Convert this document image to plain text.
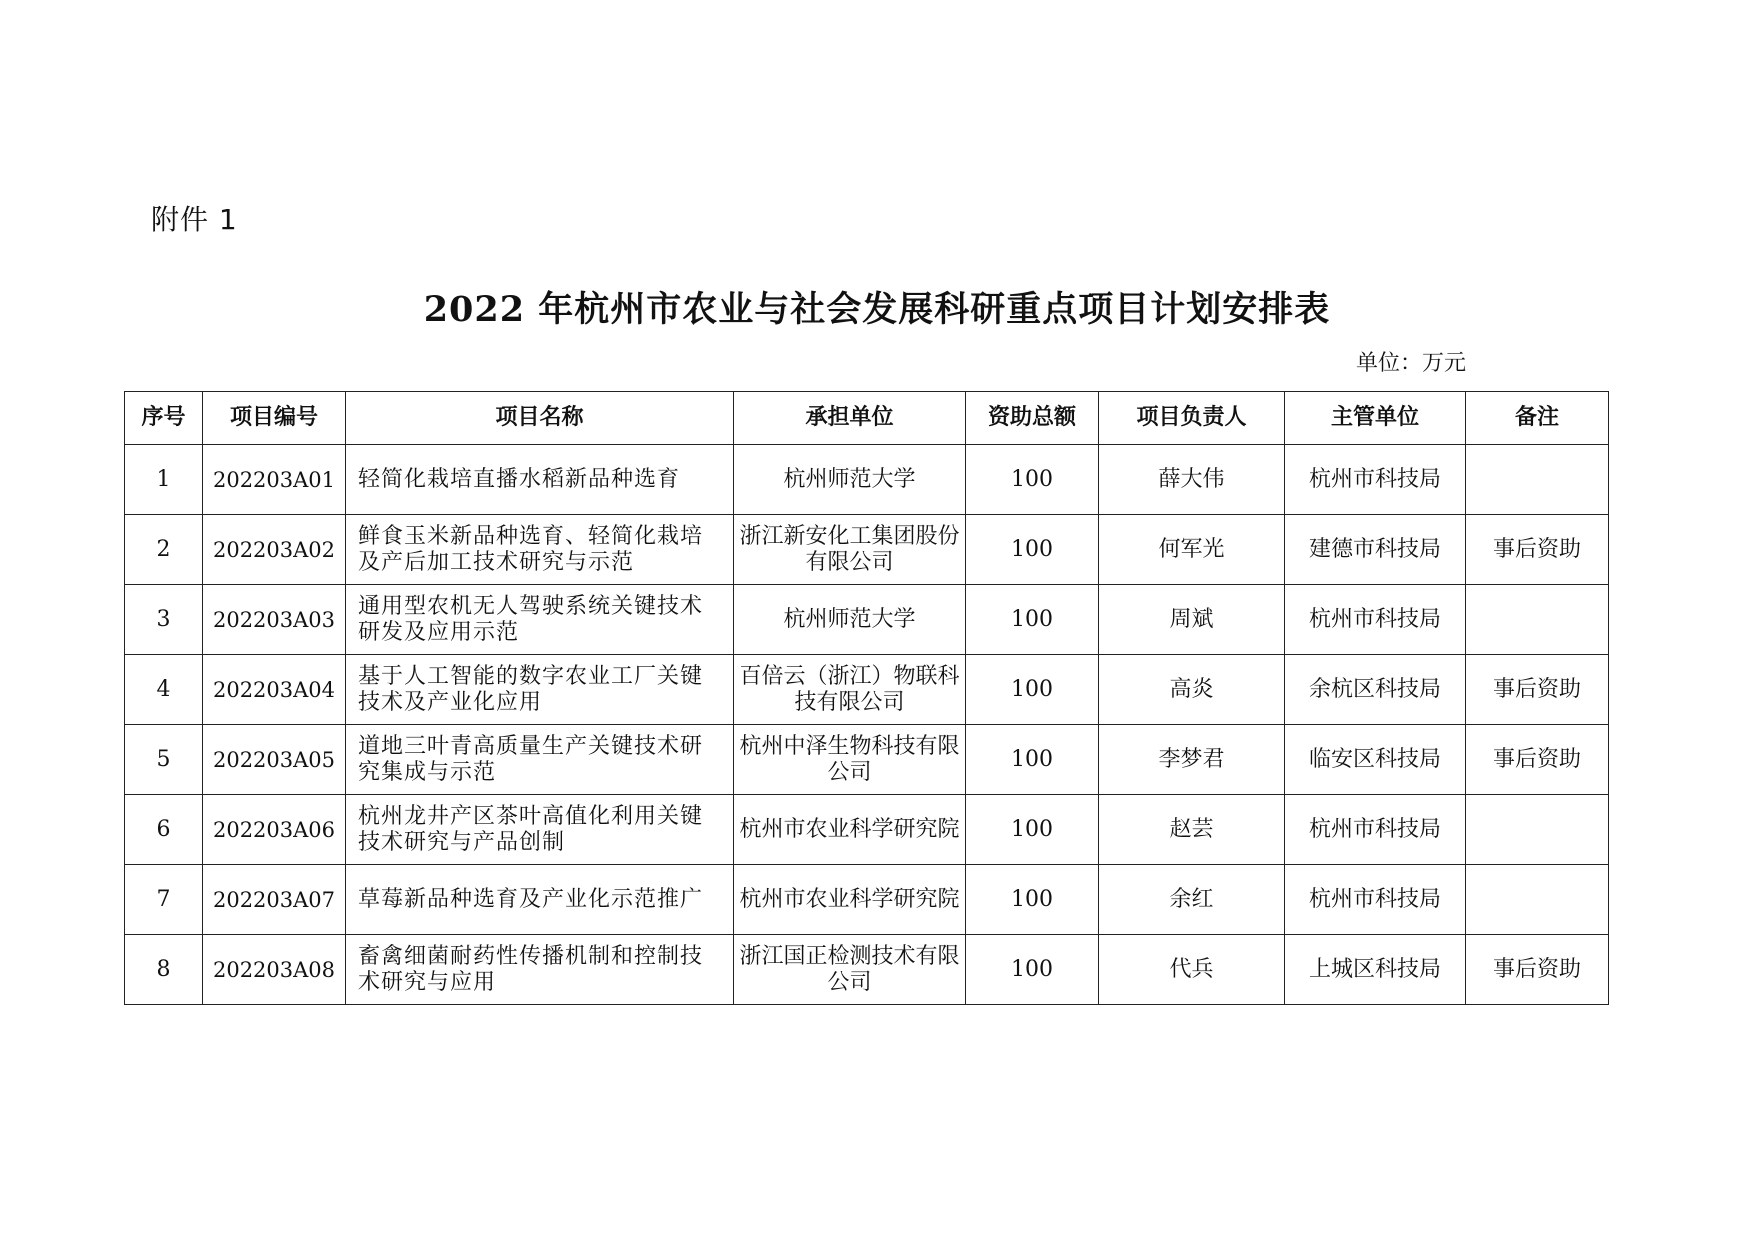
附件 1
2022 年杭州市农业与社会发展科研重点项目计划安排表
单位：万元
序号	项目编号	项目名称	承担单位	资助总额	项目负责人	主管单位	备注
1	202203A01	轻简化栽培直播水稻新品种选育	杭州师范大学	100	薛大伟	杭州市科技局	
2	202203A02	鲜食玉米新品种选育、轻简化栽培及产后加工技术研究与示范	浙江新安化工集团股份有限公司	100	何军光	建德市科技局	事后资助
3	202203A03	通用型农机无人驾驶系统关键技术研发及应用示范	杭州师范大学	100	周斌	杭州市科技局	
4	202203A04	基于人工智能的数字农业工厂关键技术及产业化应用	百倍云（浙江）物联科技有限公司	100	高炎	余杭区科技局	事后资助
5	202203A05	道地三叶青高质量生产关键技术研究集成与示范	杭州中泽生物科技有限公司	100	李梦君	临安区科技局	事后资助
6	202203A06	杭州龙井产区茶叶高值化利用关键技术研究与产品创制	杭州市农业科学研究院	100	赵芸	杭州市科技局	
7	202203A07	草莓新品种选育及产业化示范推广	杭州市农业科学研究院	100	余红	杭州市科技局	
8	202203A08	畜禽细菌耐药性传播机制和控制技术研究与应用	浙江国正检测技术有限公司	100	代兵	上城区科技局	事后资助
